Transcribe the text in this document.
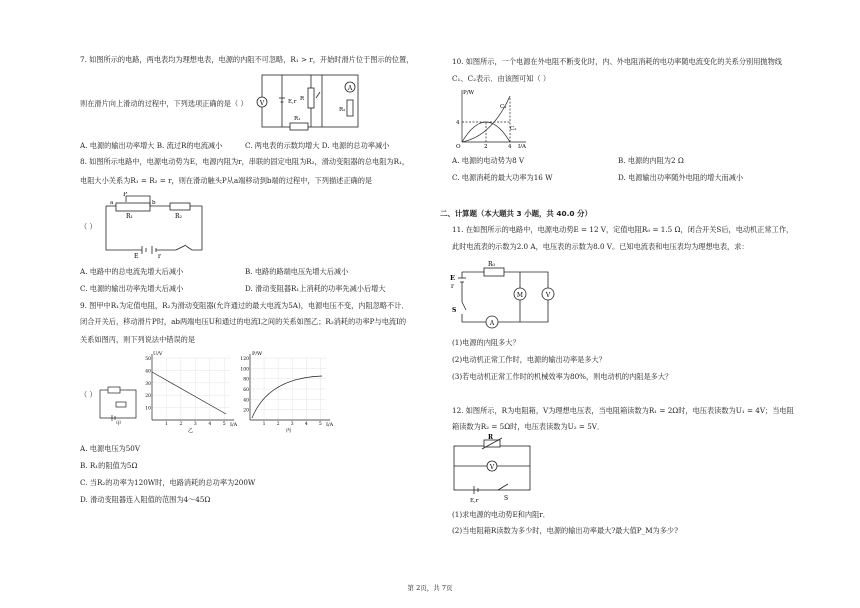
7. 如图所示的电路，两电表均为理想电表，电源的内阻不可忽略，R₁ > r，开始时滑片位于图示的位置，
则在滑片向上滑动的过程中，下列选项正确的是（ ） V	E,r R
A
R₂
R₁
A. 电源的输出功率增大 B. 流过R的电流减小	C. 两电表的示数均增大 D. 电源的总功率减小
8. 如图所示电路中，电源电动势为E，电源内阻为r，串联的固定电阻为R₂，滑动变阻器的总电阻为R₁，
电阻大小关系为R₁ = R₂ = r，则在滑动触头P从a端移动到b端的过程中，下列描述正确的是
P
a	b
R₁	R₂
E	r
（ ）
A. 电路中的总电流先增大后减小	B. 电路的路端电压先增大后减小
C. 电源的输出功率先增大后减小	D. 滑动变阻器R₁上消耗的功率先减小后增大
9. 图甲中R₁为定值电阻，R₂为滑动变阻器(允许通过的最大电流为5A)，电源电压不变，内阻忽略不计．
闭合开关后，移动滑片P时，ab两端电压U和通过的电流I之间的关系如图乙；R₂消耗的功率P与电流I的
关系如图丙，则下列说法中错误的是
（ ）
甲
U/V
I/A
乙
50
40
30
20
10
1	2	3	4	5
P/W
I/A
丙
120
100
80
60
40
20
1 2 3 4 5
A. 电源电压为50V
B. R₁的阻值为5Ω
C. 当R₂的功率为120W时，电路消耗的总功率为200W
D. 滑动变阻器连入阻值的范围为4～45Ω
10. 如图所示，一个电源在外电阻不断变化时，内、外电阻消耗的电功率随电流变化的关系分别用抛物线
C₁、C₂表示．由该图可知（ ）
P/W
C₁
C₂
4
O	2	4 I/A
A. 电源的电动势为8 V	B. 电源的内阻为2 Ω
C. 电源消耗的最大功率为16 W	D. 电源输出功率随外电阻的增大而减小
二、计算题（本大题共 3 小题，共 40.0 分）
11. 在如图所示的电路中，电源电动势E = 12 V，定值电阻R₀ = 1.5 Ω，闭合开关S后，电动机正常工作，
此时电流表的示数为2.0 A，电压表的示数为8.0 V。已知电流表和电压表均为理想电表，求：
E
r
R₀
M	V
S
A
(1)电源的内阻多大？
(2)电动机正常工作时，电源的输出功率是多大？
(3)若电动机正常工作时的机械效率为80%，则电动机的内阻是多大？
12. 如图所示，R为电阻箱，V为理想电压表，当电阻箱读数为R₁ = 2Ω时，电压表读数为U₁ = 4V；当电阻
箱读数为R₂ = 5Ω时，电压表读数为U₂ = 5V．
R
V
E,r	S
(1)求电源的电动势E和内阻r．
(2)当电阻箱R读数为多少时，电源的输出功率最大?最大值P_M为多少?
第 2页，共 7页
